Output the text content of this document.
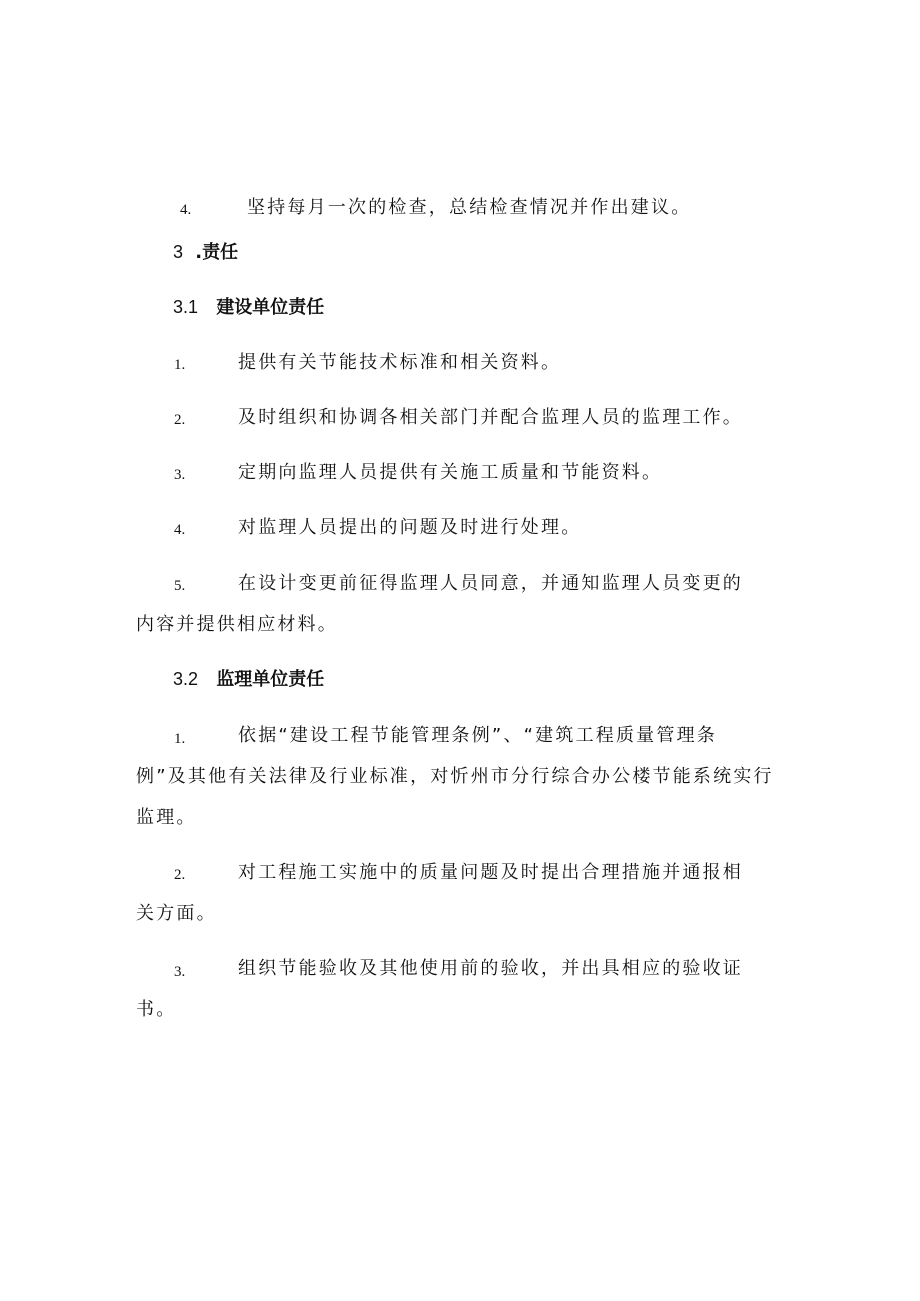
4.	坚持每月一次的检查，总结检查情况并作出建议。
3 .责任
3.1 建设单位责任
1.	提供有关节能技术标准和相关资料。
2.	及时组织和协调各相关部门并配合监理人员的监理工作。
3.	定期向监理人员提供有关施工质量和节能资料。
4.	对监理人员提出的问题及时进行处理。
5.	在设计变更前征得监理人员同意，并通知监理人员变更的
内容并提供相应材料。
3.2 监理单位责任
1.	依据“建设工程节能管理条例”、“建筑工程质量管理条
例”及其他有关法律及行业标准，对忻州市分行综合办公楼节能系统实行
监理。
2.	对工程施工实施中的质量问题及时提出合理措施并通报相
关方面。
3.	组织节能验收及其他使用前的验收，并出具相应的验收证
书。
